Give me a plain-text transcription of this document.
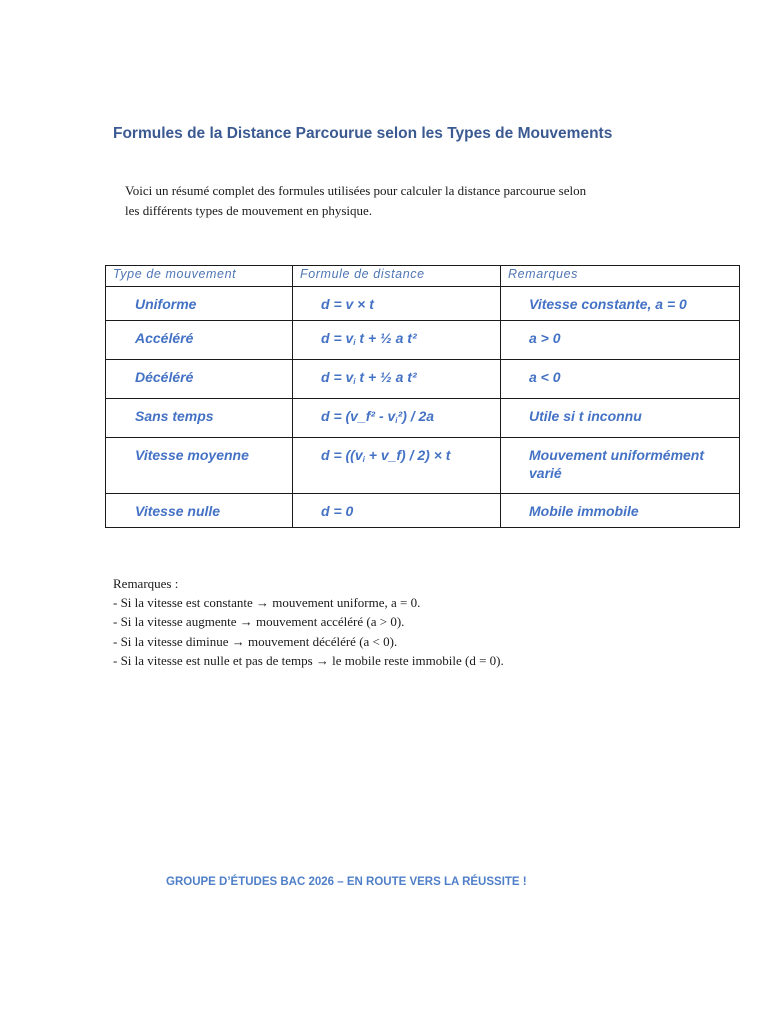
Formules de la Distance Parcourue selon les Types de Mouvements
Voici un résumé complet des formules utilisées pour calculer la distance parcourue selon
les différents types de mouvement en physique.
Type de mouvement	Formule de distance	Remarques
Uniforme	d = v × t	Vitesse constante, a = 0
Accéléré	$d = v_i$ t + ½ a t²	a > 0
Décéléré	$d = v_i$ t + ½ a t²	a < 0
Sans temps	d = (v_f² - $v_i^2) / 2a$	Utile si t inconnu
Vitesse moyenne	$d = ((v_i$ + v_f) / 2) × t	Mouvement uniformément varié
Vitesse nulle	d = 0	Mobile immobile
Remarques :
- Si la vitesse est constante → mouvement uniforme, a = 0.
- Si la vitesse augmente → mouvement accéléré (a > 0).
- Si la vitesse diminue → mouvement décéléré (a < 0).
- Si la vitesse est nulle et pas de temps → le mobile reste immobile (d = 0).
GROUPE D’ÉTUDES BAC 2026 – EN ROUTE VERS LA RÉUSSITE !
